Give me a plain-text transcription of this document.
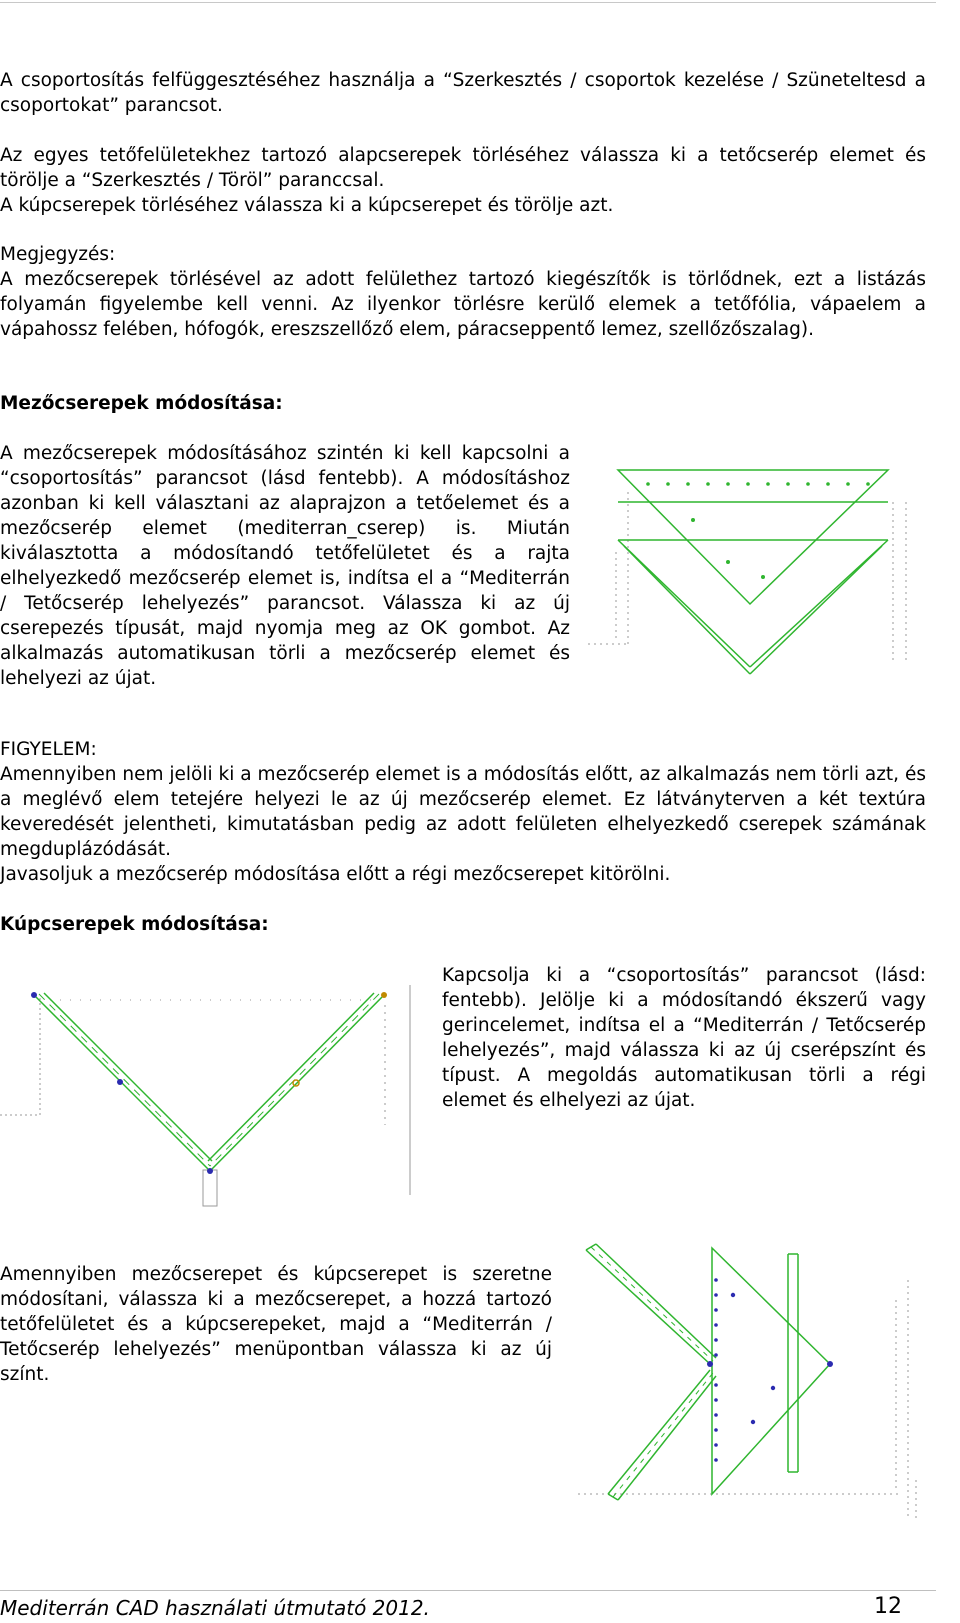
A csoportosítás felfüggesztéséhez használja a “Szerkesztés / csoportok kezelése / Szüneteltesd a csoportokat” parancsot.

Az egyes tetőfelületekhez tartozó alapcserepek törléséhez válassza ki a tetőcserép elemet és törölje a “Szerkesztés / Töröl” paranccsal.

A kúpcserepek törléséhez válassza ki a kúpcserepet és törölje azt.

Megjegyzés:

A mezőcserepek törlésével az adott felülethez tartozó kiegészítők is törlődnek, ezt a listázás folyamán figyelembe kell venni. Az ilyenkor törlésre kerülő elemek a tetőfólia, vápaelem a vápahossz felében, hófogók, ereszszellőző elem, páracseppentő lemez, szellőzőszalag).

Mezőcserepek módosítása:

A mezőcserepek módosításához szintén ki kell kapcsolni a “csoportosítás” parancsot (lásd fentebb). A módosításhoz azonban ki kell választani az alaprajzon a tetőelemet és a mezőcserép elemet (mediterran_cserep) is. Miután kiválasztotta a módosítandó tetőfelületet és a rajta elhelyezkedő mezőcserép elemet is, indítsa el a “Mediterrán / Tetőcserép lehelyezés” parancsot. Válassza ki az új cserepezés típusát, majd nyomja meg az OK gombot. Az alkalmazás automatikusan törli a mezőcserép elemet és lehelyezi az újat.

FIGYELEM:

Amennyiben nem jelöli ki a mezőcserép elemet is a módosítás előtt, az alkalmazás nem törli azt, és a meglévő elem tetejére helyezi le az új mezőcserép elemet. Ez látványterven a két textúra keveredését jelentheti, kimutatásban pedig az adott felületen elhelyezkedő cserepek számának megduplázódását.

Javasoljuk a mezőcserép módosítása előtt a régi mezőcserepet kitörölni.

Kúpcserepek módosítása:

Kapcsolja ki a “csoportosítás” parancsot (lásd: fentebb). Jelölje ki a módosítandó ékszerű vagy gerincelemet, indítsa el a “Mediterrán / Tetőcserép lehelyezés”, majd válassza ki az új cserépszínt és típust. A megoldás automatikusan törli a régi elemet és elhelyezi az újat.

Amennyiben mezőcserepet és kúpcserepet is szeretne módosítani, válassza ki a mezőcserepet, a hozzá tartozó tetőfelületet és a kúpcserepeket, majd a “Mediterrán / Tetőcserép lehelyezés” menüpontban válassza ki az új színt.

Mediterrán CAD használati útmutató 2012.	12
